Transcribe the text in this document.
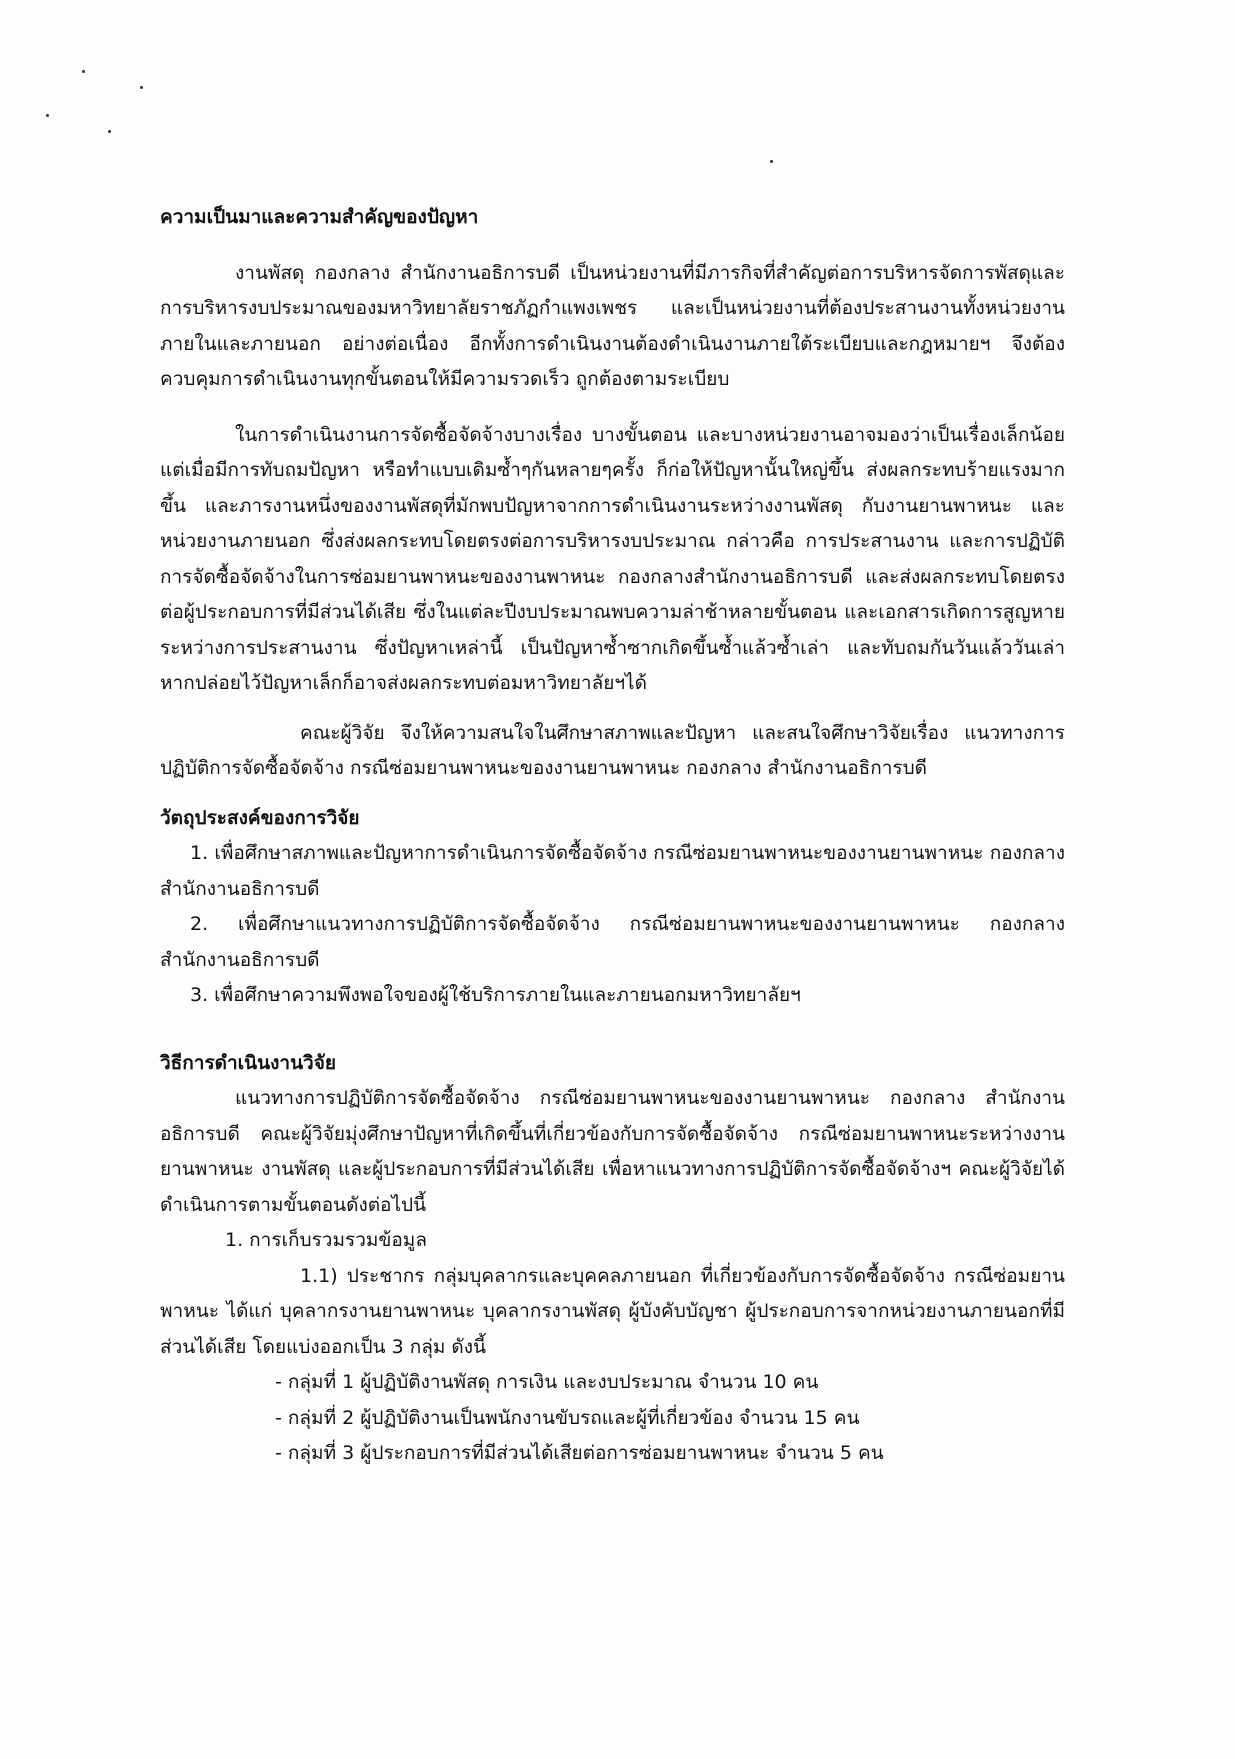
ความเป็นมาและความสำคัญของปัญหา

งานพัสดุ กองกลาง สำนักงานอธิการบดี เป็นหน่วยงานที่มีภารกิจที่สำคัญต่อการบริหารจัดการพัสดุและการบริหารงบประมาณของมหาวิทยาลัยราชภัฏกำแพงเพชร และเป็นหน่วยงานที่ต้องประสานงานทั้งหน่วยงานภายในและภายนอก อย่างต่อเนื่อง อีกทั้งการดำเนินงานต้องดำเนินงานภายใต้ระเบียบและกฎหมายฯ จึงต้องควบคุมการดำเนินงานทุกขั้นตอนให้มีความรวดเร็ว ถูกต้องตามระเบียบ

ในการดำเนินงานการจัดซื้อจัดจ้างบางเรื่อง บางขั้นตอน และบางหน่วยงานอาจมองว่าเป็นเรื่องเล็กน้อยแต่เมื่อมีการทับถมปัญหา หรือทำแบบเดิมซ้ำๆกันหลายๆครั้ง ก็ก่อให้ปัญหานั้นใหญ่ขึ้น ส่งผลกระทบร้ายแรงมากขึ้น และภารงานหนึ่งของงานพัสดุที่มักพบปัญหาจากการดำเนินงานระหว่างงานพัสดุ กับงานยานพาหนะ และหน่วยงานภายนอก ซึ่งส่งผลกระทบโดยตรงต่อการบริหารงบประมาณ กล่าวคือ การประสานงาน และการปฏิบัติการจัดซื้อจัดจ้างในการซ่อมยานพาหนะของงานพาหนะ กองกลางสำนักงานอธิการบดี และส่งผลกระทบโดยตรงต่อผู้ประกอบการที่มีส่วนได้เสีย ซึ่งในแต่ละปีงบประมาณพบความล่าช้าหลายขั้นตอน และเอกสารเกิดการสูญหายระหว่างการประสานงาน ซึ่งปัญหาเหล่านี้ เป็นปัญหาซ้ำซากเกิดขึ้นซ้ำแล้วซ้ำเล่า และทับถมกันวันแล้ววันเล่า หากปล่อยไว้ปัญหาเล็กก็อาจส่งผลกระทบต่อมหาวิทยาลัยฯได้

คณะผู้วิจัย จึงให้ความสนใจในศึกษาสภาพและปัญหา และสนใจศึกษาวิจัยเรื่อง แนวทางการปฏิบัติการจัดซื้อจัดจ้าง กรณีซ่อมยานพาหนะของงานยานพาหนะ กองกลาง สำนักงานอธิการบดี

วัตถุประสงค์ของการวิจัย

1. เพื่อศึกษาสภาพและปัญหาการดำเนินการจัดซื้อจัดจ้าง กรณีซ่อมยานพาหนะของงานยานพาหนะ กองกลาง สำนักงานอธิการบดี

2. เพื่อศึกษาแนวทางการปฏิบัติการจัดซื้อจัดจ้าง กรณีซ่อมยานพาหนะของงานยานพาหนะ กองกลาง สำนักงานอธิการบดี

3. เพื่อศึกษาความพึงพอใจของผู้ใช้บริการภายในและภายนอกมหาวิทยาลัยฯ

วิธีการดำเนินงานวิจัย

แนวทางการปฏิบัติการจัดซื้อจัดจ้าง กรณีซ่อมยานพาหนะของงานยานพาหนะ กองกลาง สำนักงานอธิการบดี คณะผู้วิจัยมุ่งศึกษาปัญหาที่เกิดขึ้นที่เกี่ยวข้องกับการจัดซื้อจัดจ้าง กรณีซ่อมยานพาหนะระหว่างงานยานพาหนะ งานพัสดุ และผู้ประกอบการที่มีส่วนได้เสีย เพื่อหาแนวทางการปฏิบัติการจัดซื้อจัดจ้างฯ คณะผู้วิจัยได้ดำเนินการตามขั้นตอนดังต่อไปนี้

1. การเก็บรวมรวมข้อมูล

1.1) ประชากร กลุ่มบุคลากรและบุคคลภายนอก ที่เกี่ยวข้องกับการจัดซื้อจัดจ้าง กรณีซ่อมยานพาหนะ ได้แก่ บุคลากรงานยานพาหนะ บุคลากรงานพัสดุ ผู้บังคับบัญชา ผู้ประกอบการจากหน่วยงานภายนอกที่มีส่วนได้เสีย โดยแบ่งออกเป็น 3 กลุ่ม ดังนี้

- กลุ่มที่ 1 ผู้ปฏิบัติงานพัสดุ การเงิน และงบประมาณ จำนวน 10 คน

- กลุ่มที่ 2 ผู้ปฏิบัติงานเป็นพนักงานขับรถและผู้ที่เกี่ยวข้อง จำนวน 15 คน

- กลุ่มที่ 3 ผู้ประกอบการที่มีส่วนได้เสียต่อการซ่อมยานพาหนะ จำนวน 5 คน
